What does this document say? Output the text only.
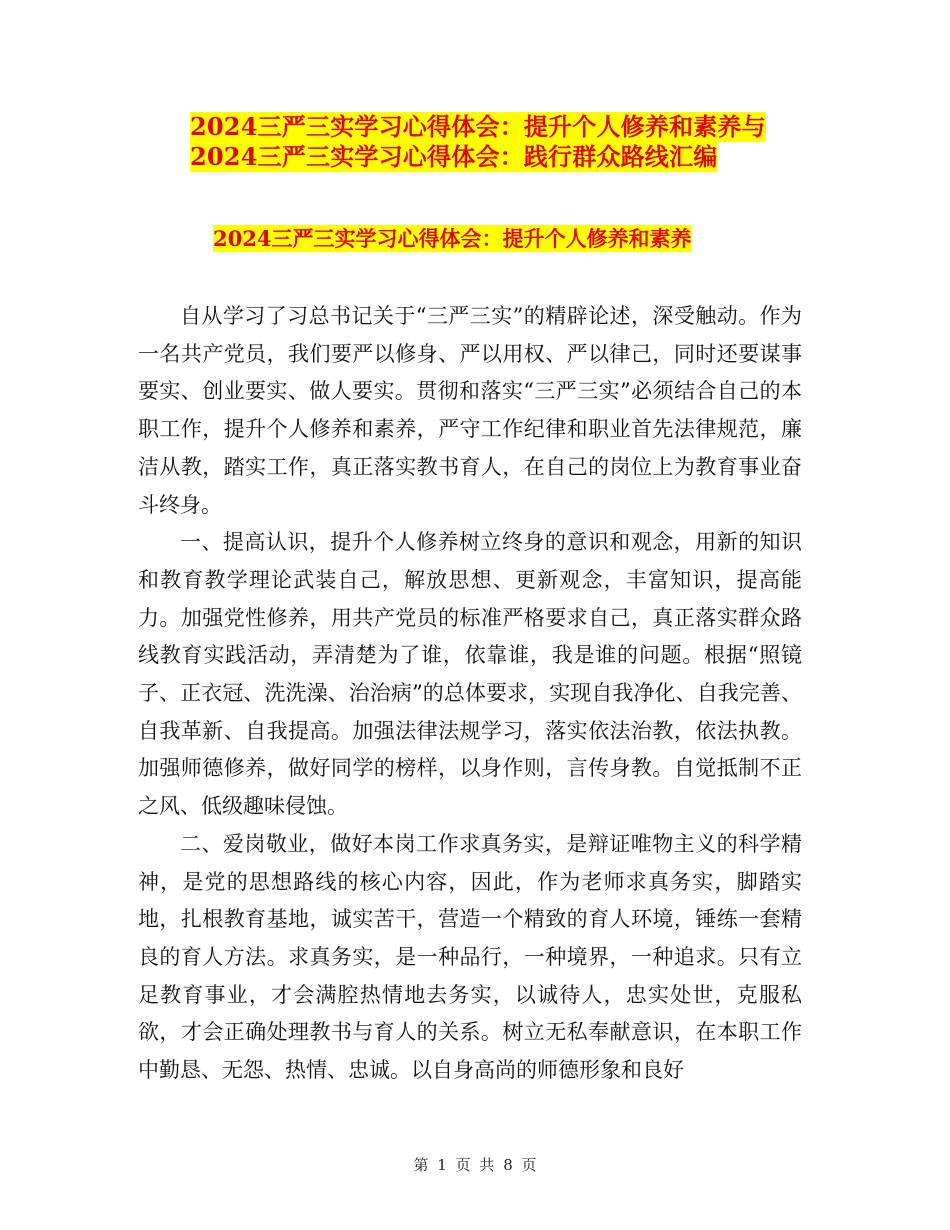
2024三严三实学习心得体会：提升个人修养和素养与
2024三严三实学习心得体会：践行群众路线汇编
2024三严三实学习心得体会：提升个人修养和素养

自从学习了习总书记关于“三严三实”的精辟论述，深受触动。作为一名共产党员，我们要严以修身、严以用权、严以律己，同时还要谋事要实、创业要实、做人要实。贯彻和落实“三严三实”必须结合自己的本职工作，提升个人修养和素养，严守工作纪律和职业首先法律规范，廉洁从教，踏实工作，真正落实教书育人，在自己的岗位上为教育事业奋斗终身。

一、提高认识，提升个人修养树立终身的意识和观念，用新的知识和教育教学理论武装自己，解放思想、更新观念，丰富知识，提高能力。加强党性修养，用共产党员的标准严格要求自己，真正落实群众路线教育实践活动，弄清楚为了谁，依靠谁，我是谁的问题。根据“照镜子、正衣冠、洗洗澡、治治病”的总体要求，实现自我净化、自我完善、自我革新、自我提高。加强法律法规学习，落实依法治教，依法执教。加强师德修养，做好同学的榜样，以身作则，言传身教。自觉抵制不正之风、低级趣味侵蚀。

二、爱岗敬业，做好本岗工作求真务实，是辩证唯物主义的科学精神，是党的思想路线的核心内容，因此，作为老师求真务实，脚踏实地，扎根教育基地，诚实苦干，营造一个精致的育人环境，锤练一套精良的育人方法。求真务实，是一种品行，一种境界，一种追求。只有立足教育事业，才会满腔热情地去务实，以诚待人，忠实处世，克服私欲，才会正确处理教书与育人的关系。树立无私奉献意识，在本职工作中勤恳、无怨、热情、忠诚。以自身高尚的师德形象和良好

第 1 页 共 8 页
